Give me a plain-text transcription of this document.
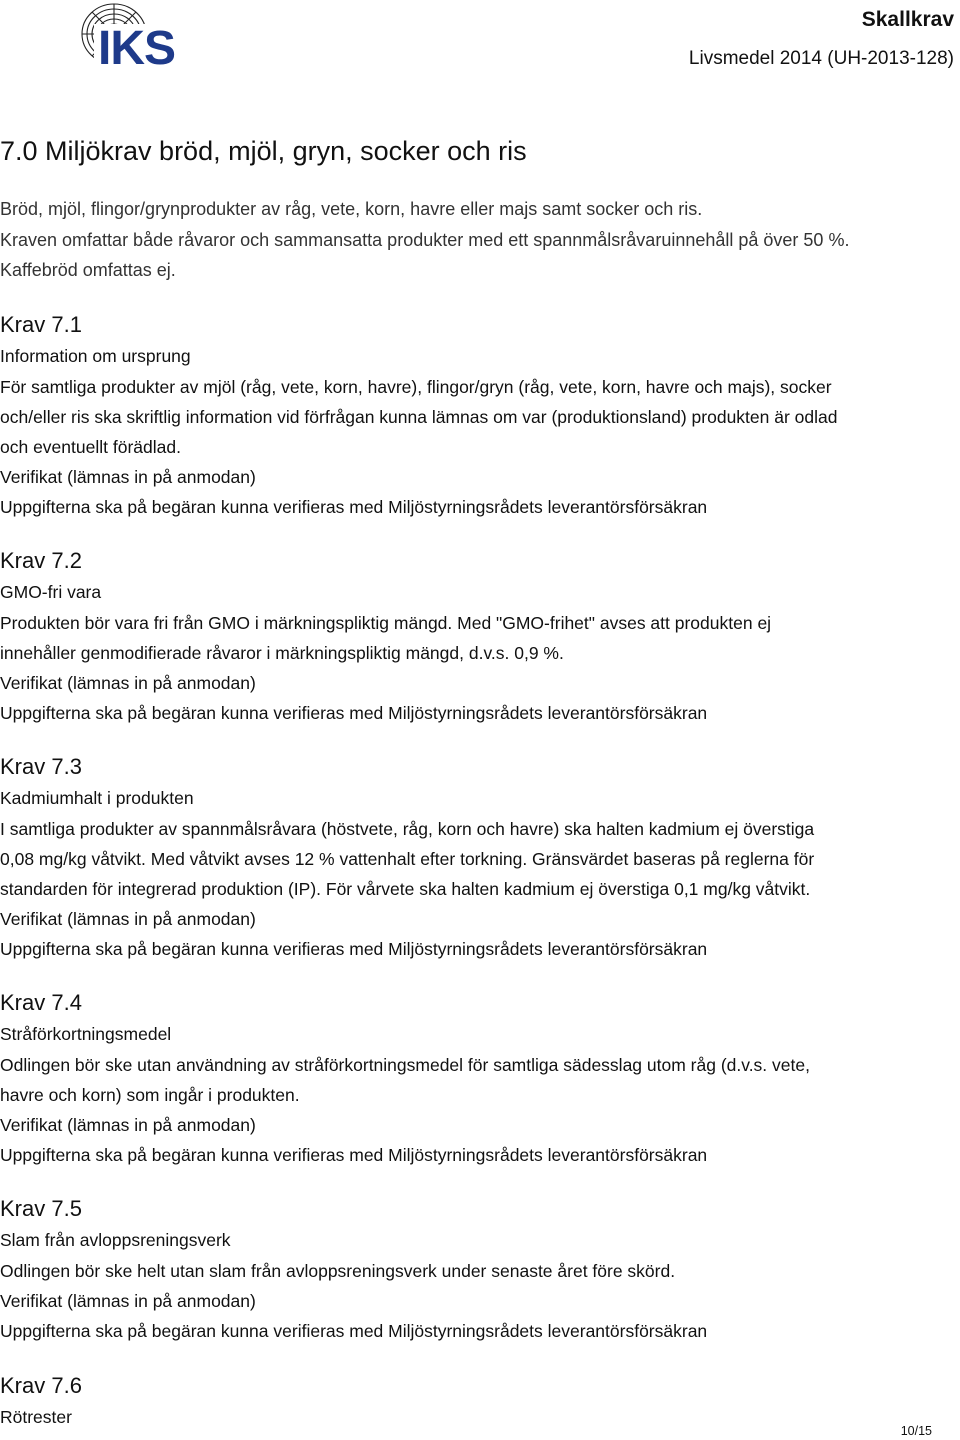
IKS
Skallkrav
Livsmedel 2014 (UH-2013-128)
7.0 Miljökrav bröd, mjöl, gryn, socker och ris
Bröd, mjöl, flingor/grynprodukter av råg, vete, korn, havre eller majs samt socker och ris.
Kraven omfattar både råvaror och sammansatta produkter med ett spannmålsråvaruinnehåll på över 50 %.
Kaffebröd omfattas ej.
Krav 7.1
Information om ursprung
För samtliga produkter av mjöl (råg, vete, korn, havre), flingor/gryn (råg, vete, korn, havre och majs), socker
och/eller ris ska skriftlig information vid förfrågan kunna lämnas om var (produktionsland) produkten är odlad
och eventuellt förädlad.
Verifikat (lämnas in på anmodan)
Uppgifterna ska på begäran kunna verifieras med Miljöstyrningsrådets leverantörsförsäkran
Krav 7.2
GMO-fri vara
Produkten bör vara fri från GMO i märkningspliktig mängd. Med "GMO-frihet" avses att produkten ej
innehåller genmodifierade råvaror i märkningspliktig mängd, d.v.s. 0,9 %.
Verifikat (lämnas in på anmodan)
Uppgifterna ska på begäran kunna verifieras med Miljöstyrningsrådets leverantörsförsäkran
Krav 7.3
Kadmiumhalt i produkten
I samtliga produkter av spannmålsråvara (höstvete, råg, korn och havre) ska halten kadmium ej överstiga
0,08 mg/kg våtvikt. Med våtvikt avses 12 % vattenhalt efter torkning. Gränsvärdet baseras på reglerna för
standarden för integrerad produktion (IP). För vårvete ska halten kadmium ej överstiga 0,1 mg/kg våtvikt.
Verifikat (lämnas in på anmodan)
Uppgifterna ska på begäran kunna verifieras med Miljöstyrningsrådets leverantörsförsäkran
Krav 7.4
Stråförkortningsmedel
Odlingen bör ske utan användning av stråförkortningsmedel för samtliga sädesslag utom råg (d.v.s. vete,
havre och korn) som ingår i produkten.
Verifikat (lämnas in på anmodan)
Uppgifterna ska på begäran kunna verifieras med Miljöstyrningsrådets leverantörsförsäkran
Krav 7.5
Slam från avloppsreningsverk
Odlingen bör ske helt utan slam från avloppsreningsverk under senaste året före skörd.
Verifikat (lämnas in på anmodan)
Uppgifterna ska på begäran kunna verifieras med Miljöstyrningsrådets leverantörsförsäkran
Krav 7.6
Rötrester
10/15
